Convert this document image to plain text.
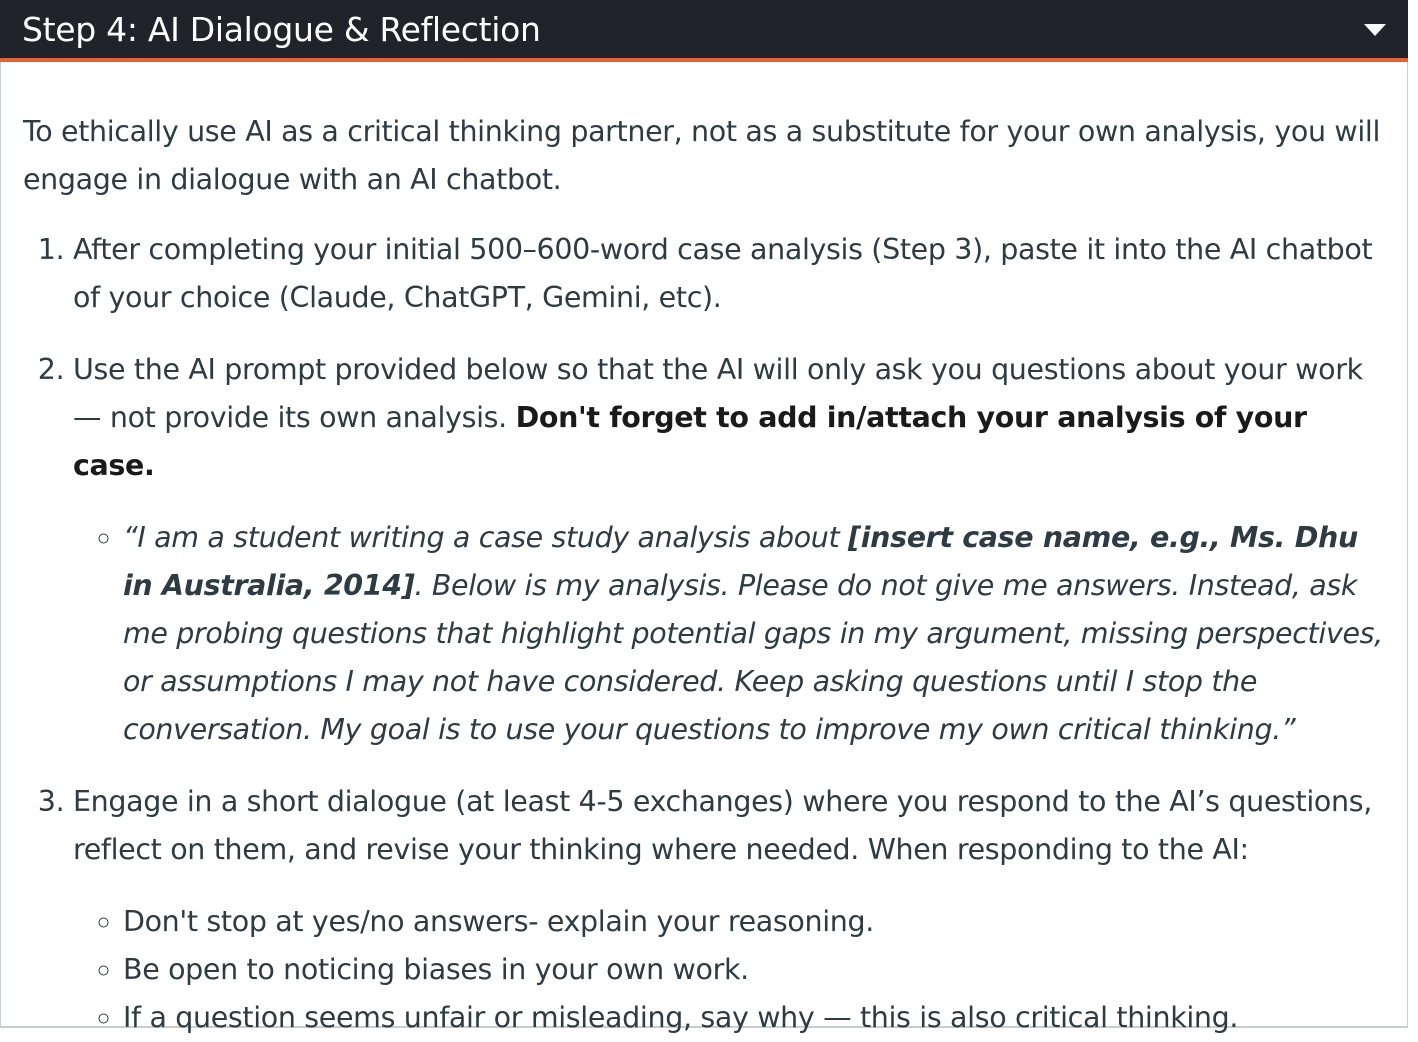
Step 4: AI Dialogue & Reflection

To ethically use AI as a critical thinking partner, not as a substitute for your own analysis, you will engage in dialogue with an AI chatbot.

1. After completing your initial 500–600-word case analysis (Step 3), paste it into the AI chatbot of your choice (Claude, ChatGPT, Gemini, etc).
2. Use the AI prompt provided below so that the AI will only ask you questions about your work — not provide its own analysis. Don't forget to add in/attach your analysis of your case.
◦ “I am a student writing a case study analysis about [insert case name, e.g., Ms. Dhu in Australia, 2014]. Below is my analysis. Please do not give me answers. Instead, ask me probing questions that highlight potential gaps in my argument, missing perspectives, or assumptions I may not have considered. Keep asking questions until I stop the conversation. My goal is to use your questions to improve my own critical thinking.”
3. Engage in a short dialogue (at least 4-5 exchanges) where you respond to the AI’s questions, reflect on them, and revise your thinking where needed. When responding to the AI:
◦ Don't stop at yes/no answers- explain your reasoning.
◦ Be open to noticing biases in your own work.
◦ If a question seems unfair or misleading, say why — this is also critical thinking.
